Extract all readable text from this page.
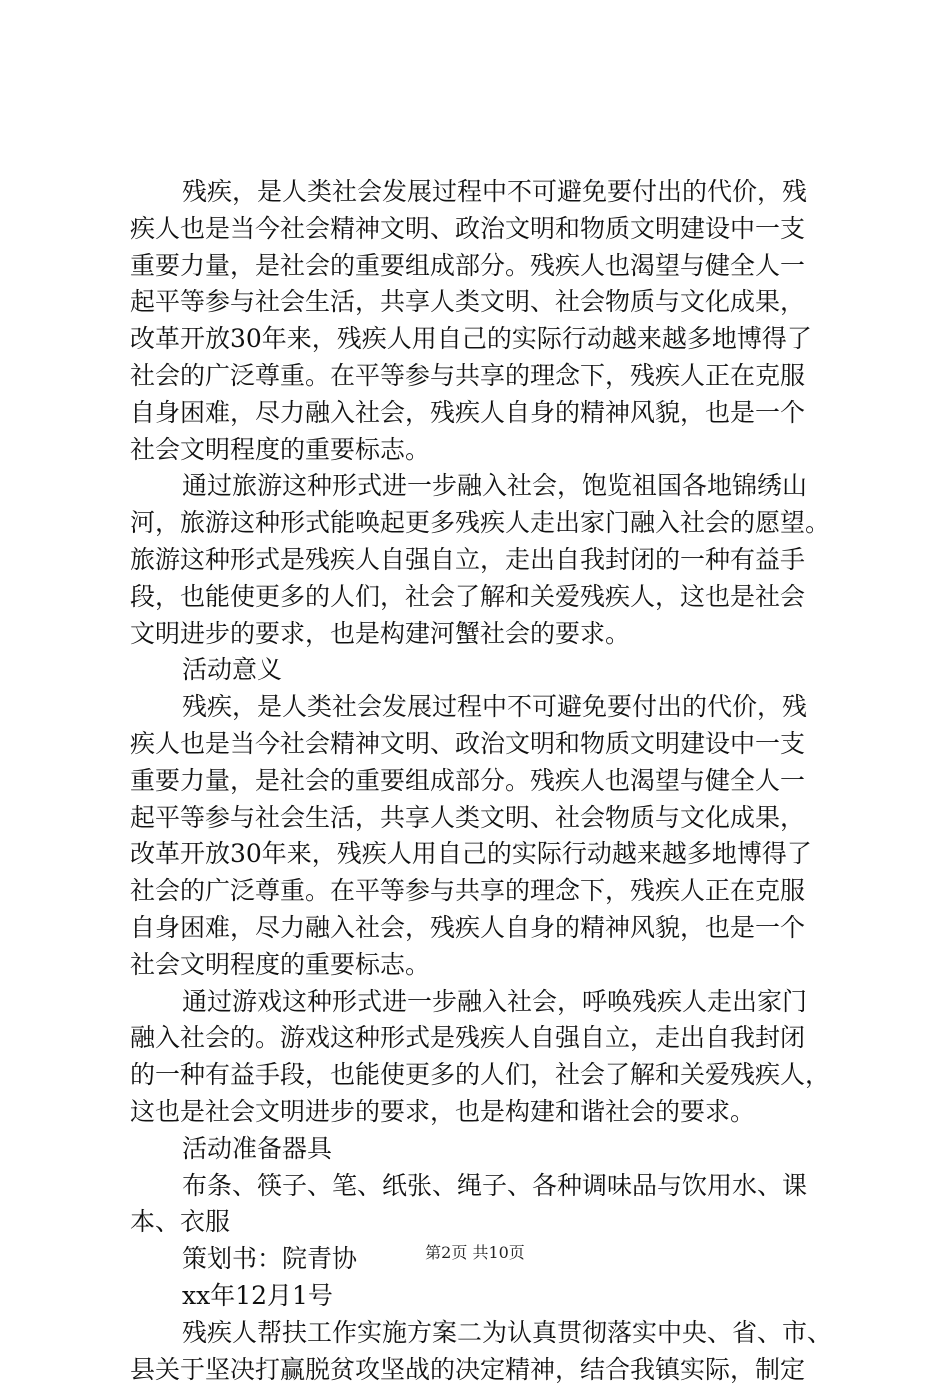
残疾，是人类社会发展过程中不可避免要付出的代价，残
疾人也是当今社会精神文明、政治文明和物质文明建设中一支
重要力量，是社会的重要组成部分。残疾人也渴望与健全人一
起平等参与社会生活，共享人类文明、社会物质与文化成果，
改革开放30年来，残疾人用自己的实际行动越来越多地博得了
社会的广泛尊重。在平等参与共享的理念下，残疾人正在克服
自身困难，尽力融入社会，残疾人自身的精神风貌，也是一个
社会文明程度的重要标志。
通过旅游这种形式进一步融入社会，饱览祖国各地锦绣山
河，旅游这种形式能唤起更多残疾人走出家门融入社会的愿望。
旅游这种形式是残疾人自强自立，走出自我封闭的一种有益手
段，也能使更多的人们，社会了解和关爱残疾人，这也是社会
文明进步的要求，也是构建河蟹社会的要求。
活动意义
残疾，是人类社会发展过程中不可避免要付出的代价，残
疾人也是当今社会精神文明、政治文明和物质文明建设中一支
重要力量，是社会的重要组成部分。残疾人也渴望与健全人一
起平等参与社会生活，共享人类文明、社会物质与文化成果，
改革开放30年来，残疾人用自己的实际行动越来越多地博得了
社会的广泛尊重。在平等参与共享的理念下，残疾人正在克服
自身困难，尽力融入社会，残疾人自身的精神风貌，也是一个
社会文明程度的重要标志。
通过游戏这种形式进一步融入社会，呼唤残疾人走出家门
融入社会的。游戏这种形式是残疾人自强自立，走出自我封闭
的一种有益手段，也能使更多的人们，社会了解和关爱残疾人，
这也是社会文明进步的要求，也是构建和谐社会的要求。
活动准备器具
布条、筷子、笔、纸张、绳子、各种调味品与饮用水、课
本、衣服
策划书：院青协
xx年12月1号
残疾人帮扶工作实施方案二为认真贯彻落实中央、省、市、
县关于坚决打赢脱贫攻坚战的决定精神，结合我镇实际，制定
第2页 共10页
